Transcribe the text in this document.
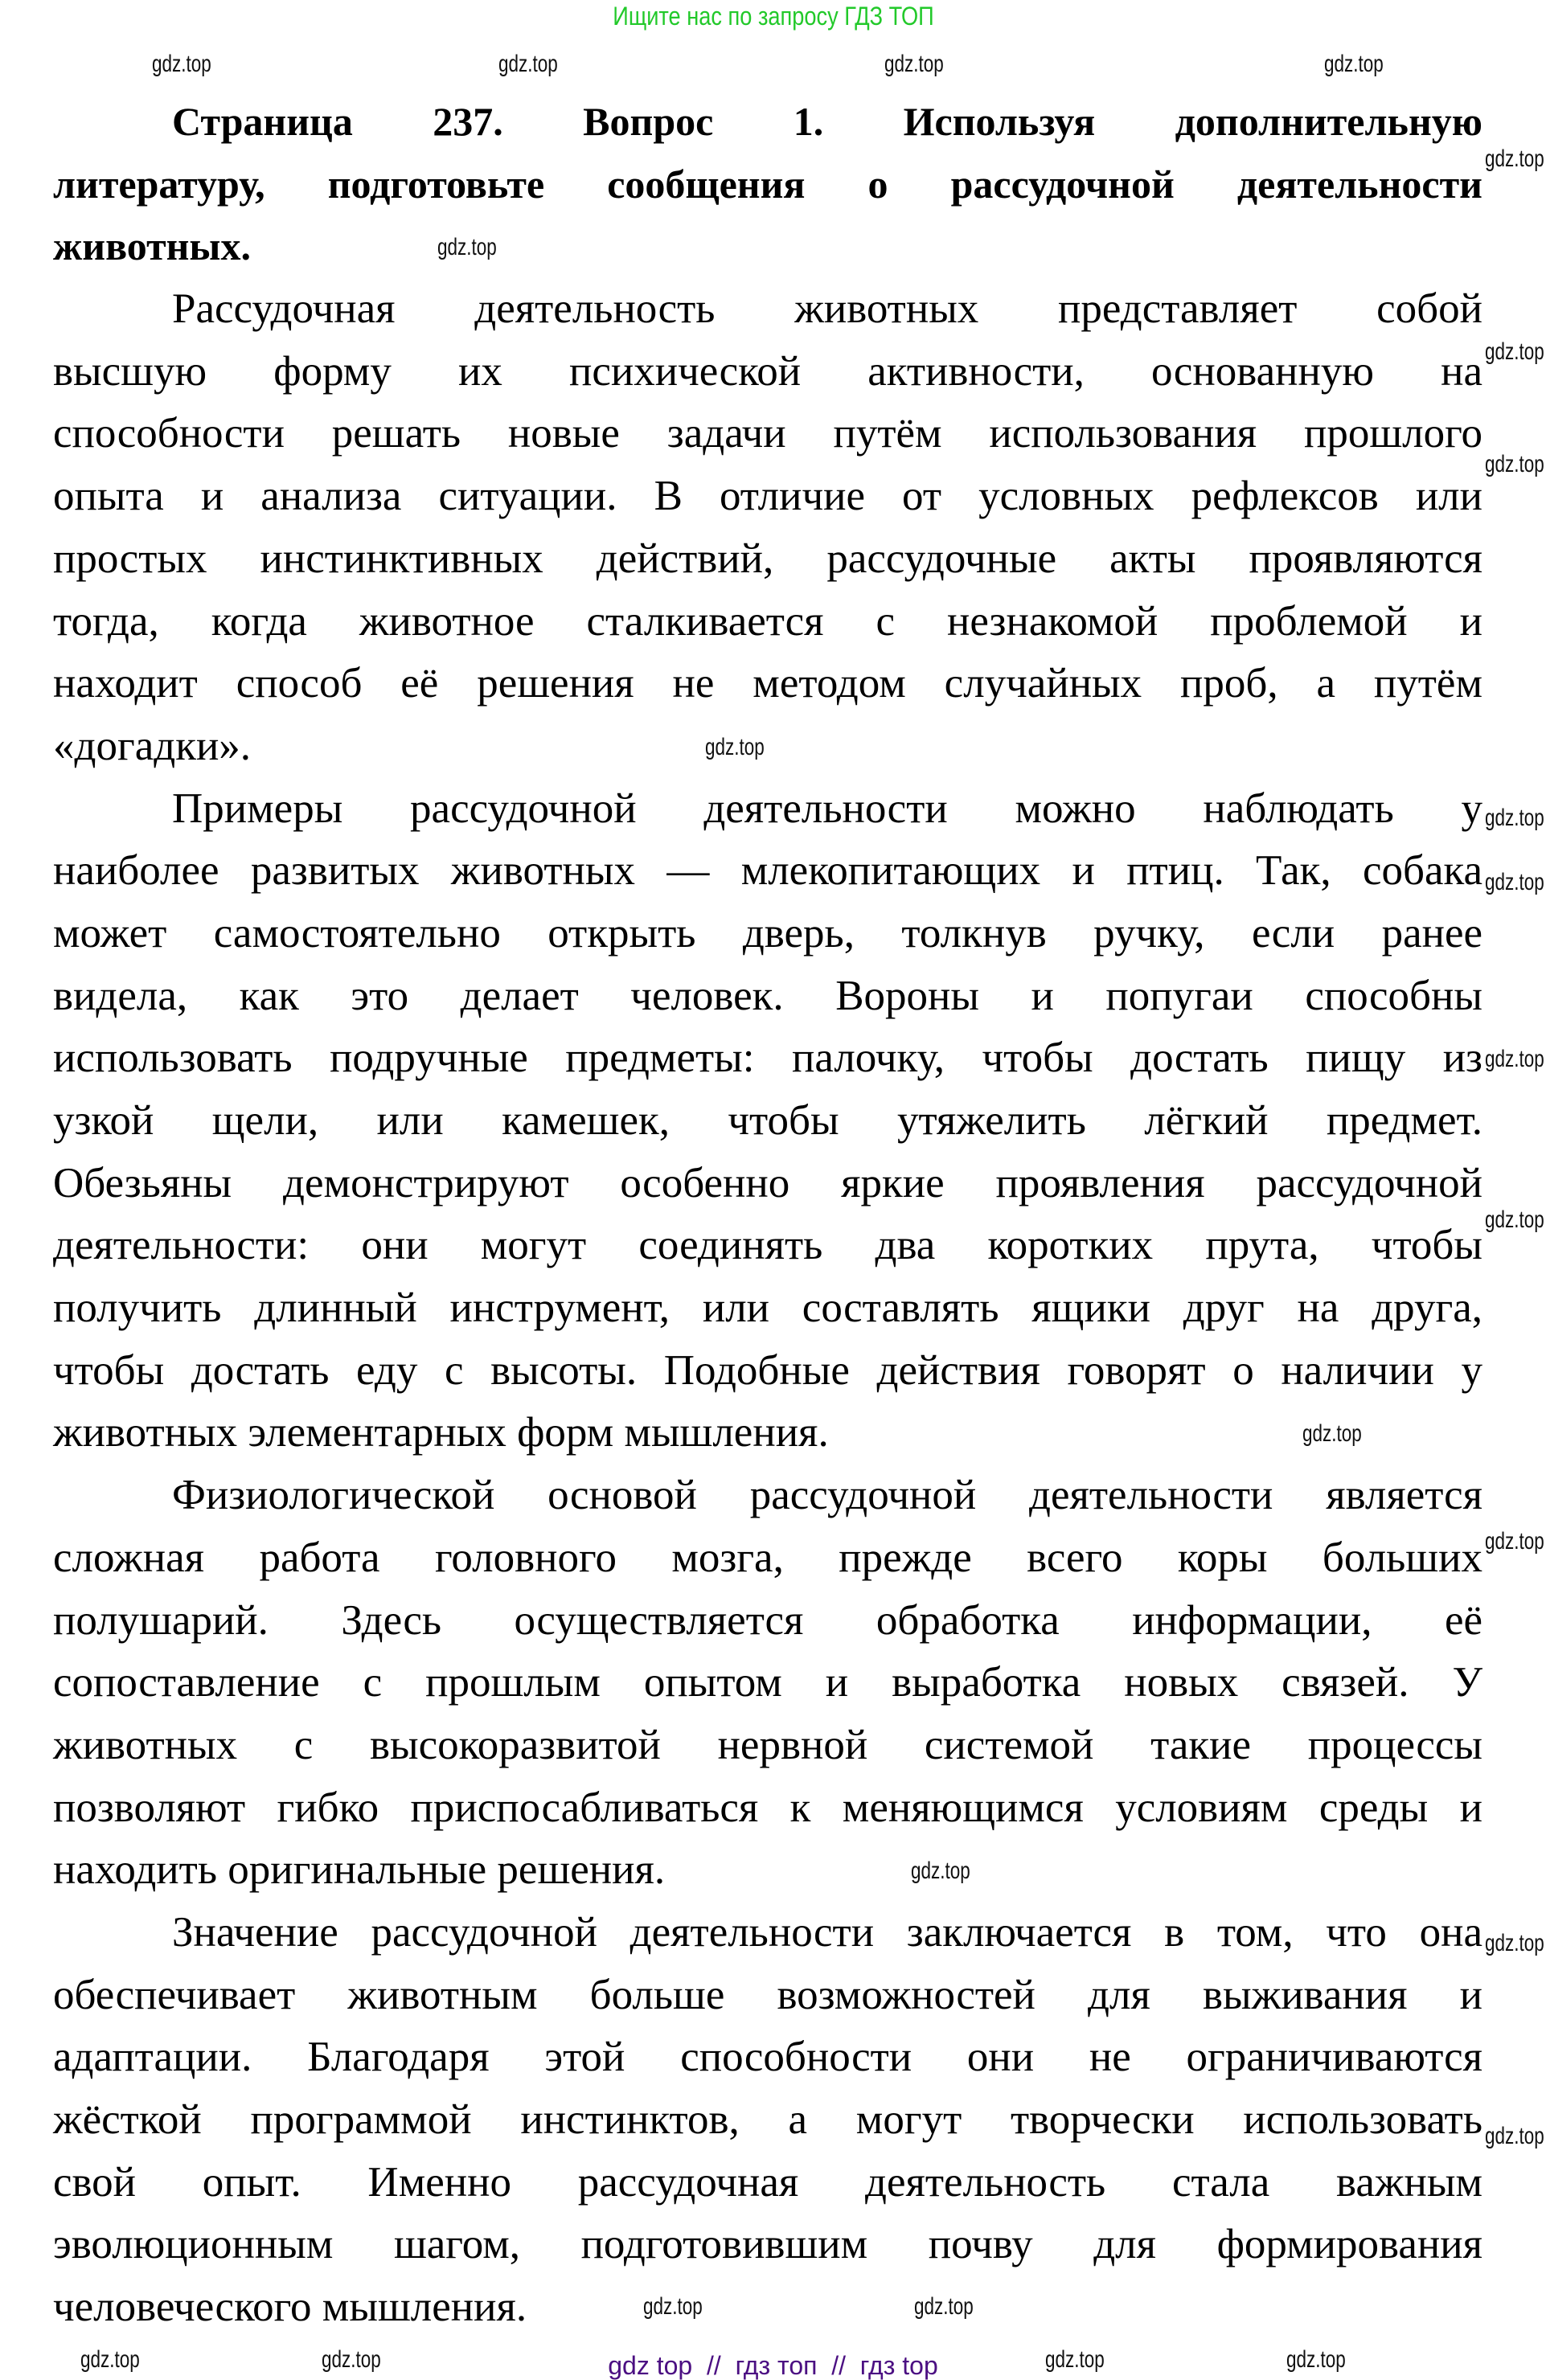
Ищите нас по запросу ГДЗ ТОП
Страница 237. Вопрос 1. Используя дополнительную
литературу, подготовьте сообщения о рассудочной деятельности
животных.
Рассудочная деятельность животных представляет собой
высшую форму их психической активности, основанную на
способности решать новые задачи путём использования прошлого
опыта и анализа ситуации. В отличие от условных рефлексов или
простых инстинктивных действий, рассудочные акты проявляются
тогда, когда животное сталкивается с незнакомой проблемой и
находит способ её решения не методом случайных проб, а путём
«догадки».
Примеры рассудочной деятельности можно наблюдать у
наиболее развитых животных — млекопитающих и птиц. Так, собака
может самостоятельно открыть дверь, толкнув ручку, если ранее
видела, как это делает человек. Вороны и попугаи способны
использовать подручные предметы: палочку, чтобы достать пищу из
узкой щели, или камешек, чтобы утяжелить лёгкий предмет.
Обезьяны демонстрируют особенно яркие проявления рассудочной
деятельности: они могут соединять два коротких прута, чтобы
получить длинный инструмент, или составлять ящики друг на друга,
чтобы достать еду с высоты. Подобные действия говорят о наличии у
животных элементарных форм мышления.
Физиологической основой рассудочной деятельности является
сложная работа головного мозга, прежде всего коры больших
полушарий. Здесь осуществляется обработка информации, её
сопоставление с прошлым опытом и выработка новых связей. У
животных с высокоразвитой нервной системой такие процессы
позволяют гибко приспосабливаться к меняющимся условиям среды и
находить оригинальные решения.
Значение рассудочной деятельности заключается в том, что она
обеспечивает животным больше возможностей для выживания и
адаптации. Благодаря этой способности они не ограничиваются
жёсткой программой инстинктов, а могут творчески использовать
свой опыт. Именно рассудочная деятельность стала важным
эволюционным шагом, подготовившим почву для формирования
человеческого мышления.
gdz.top	gdz.top	gdz.top	gdz.top
gdz.top
gdz.top
gdz.top
gdz.top
gdz.top	gdz.top
gdz.top
gdz.top
gdz.top
gdz.top
gdz.top
gdz.top
gdz.top
gdz.top
gdz.top
gdz.top
gdz.top	gdz.top	gdz.top	gdz.top
gdz top  //  гдз топ  //  гдз top
